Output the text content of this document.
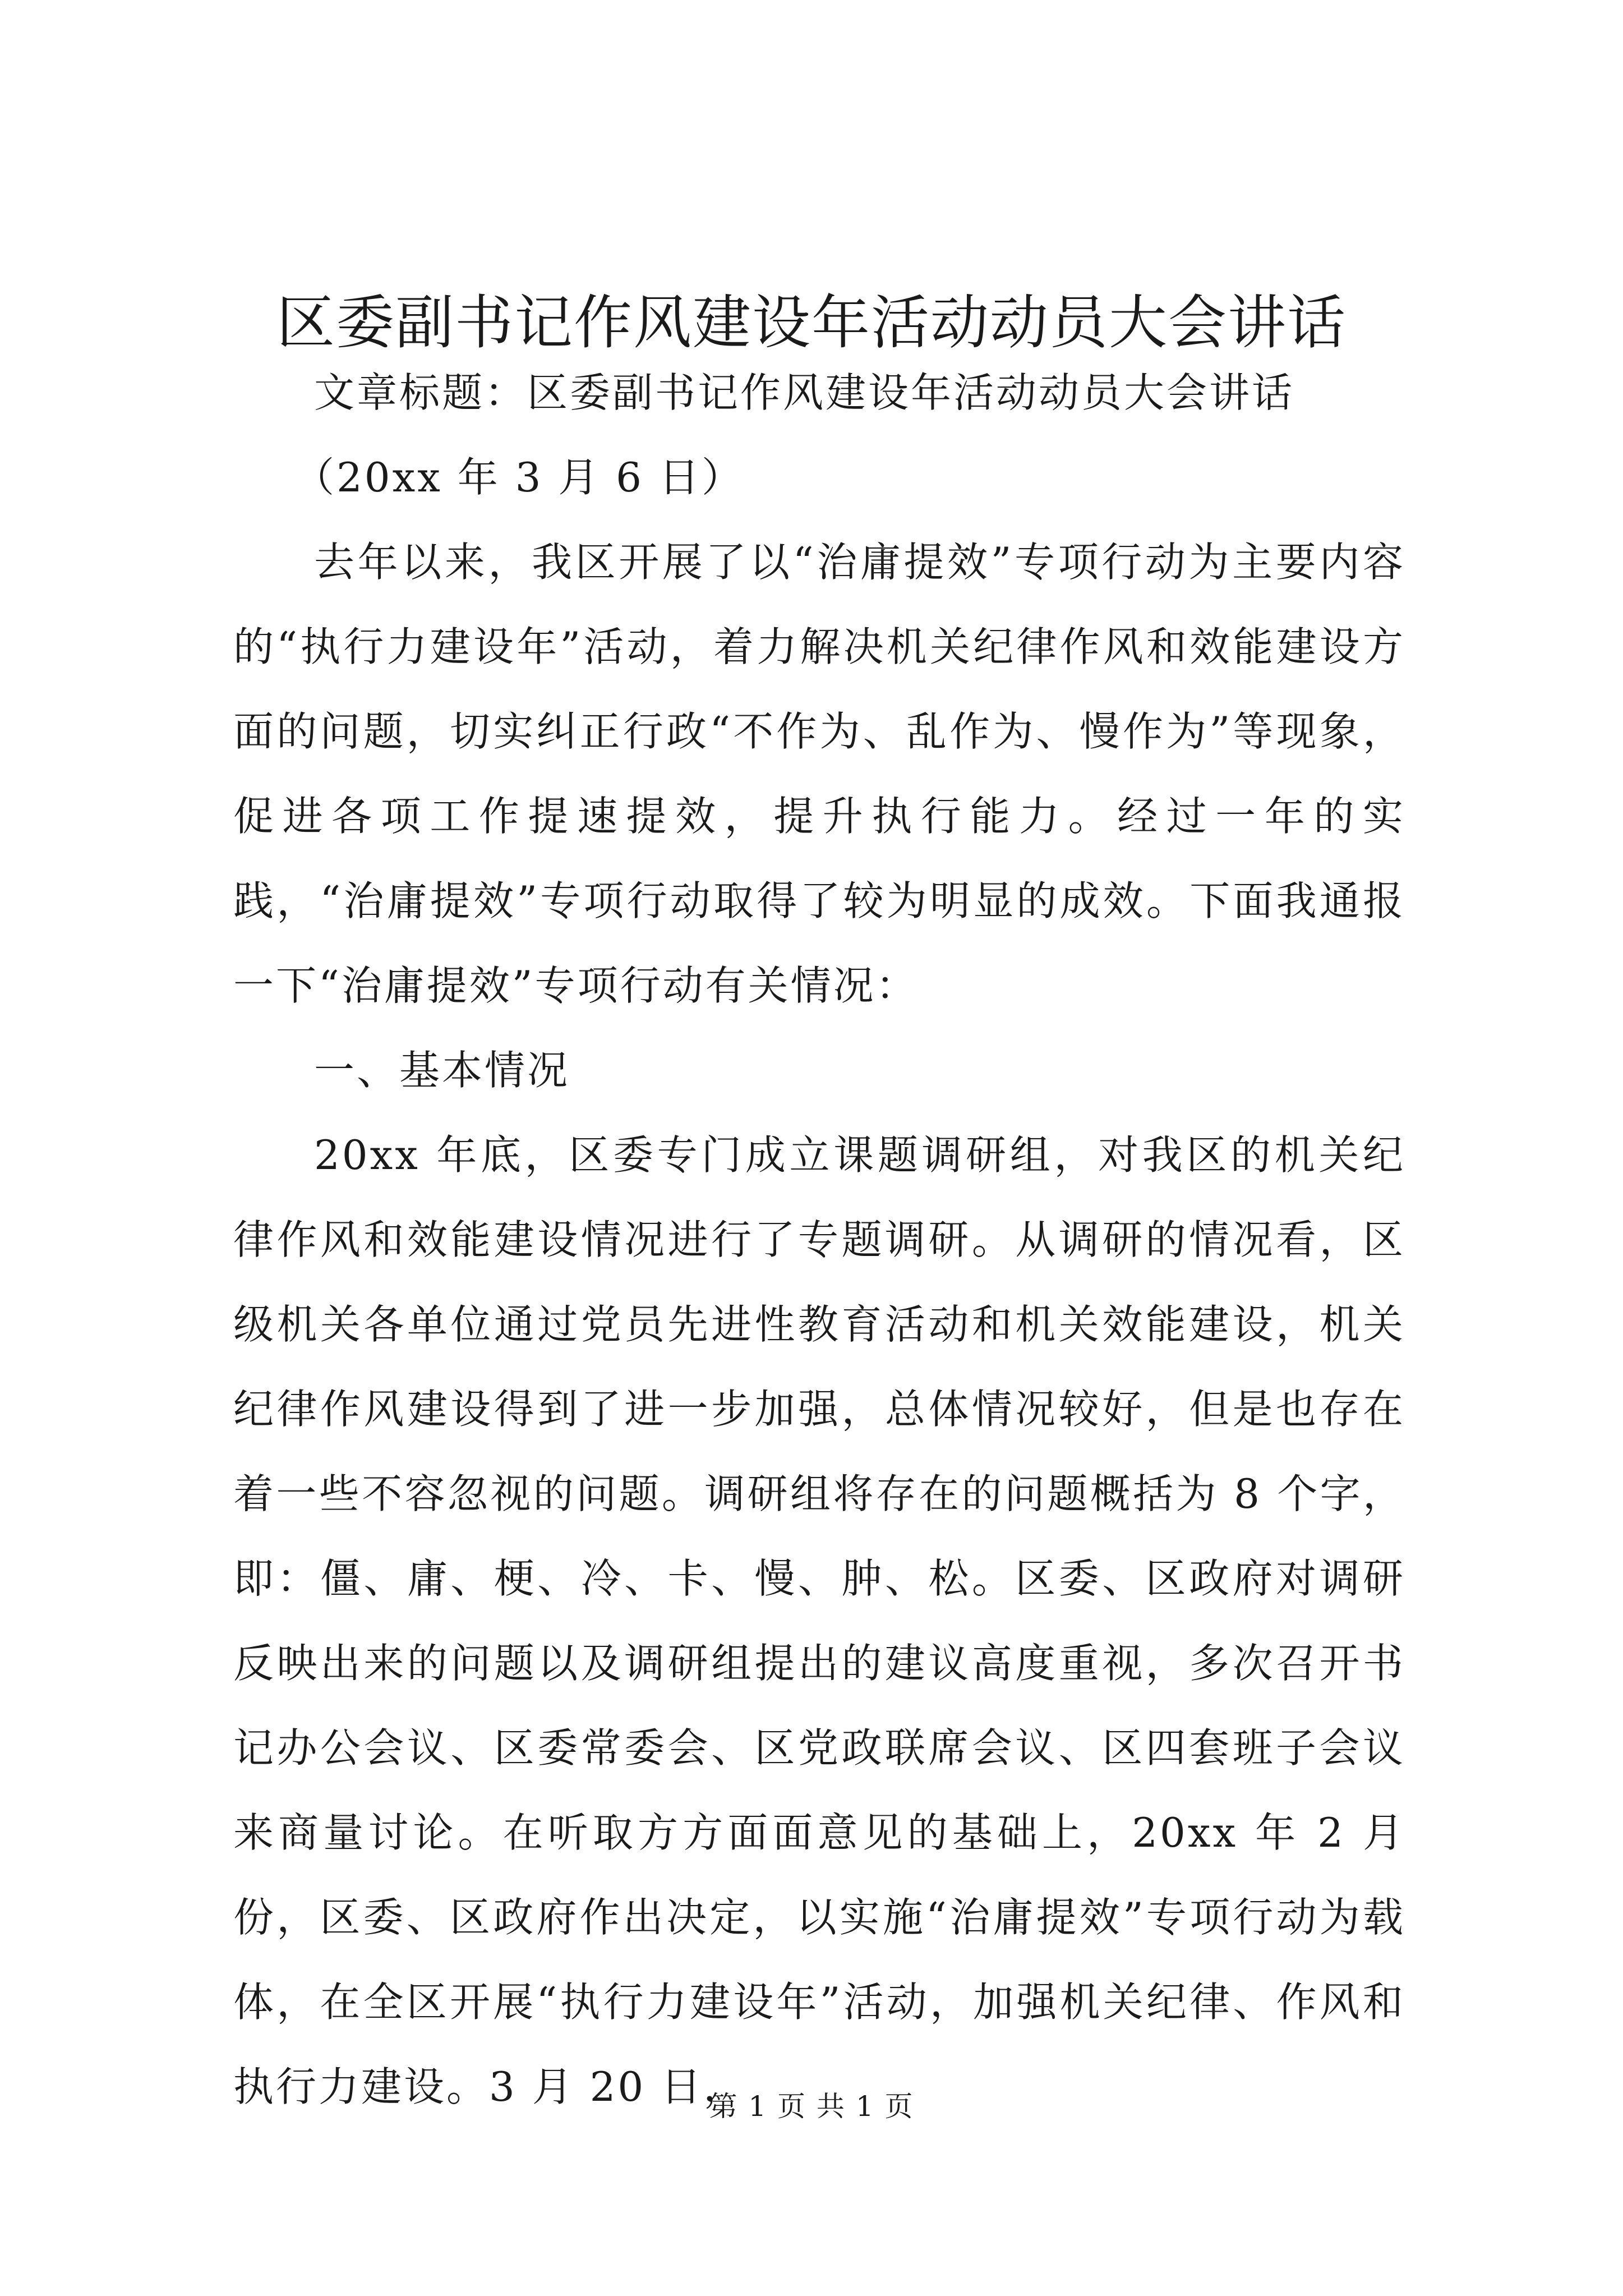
区委副书记作风建设年活动动员大会讲话

文章标题：区委副书记作风建设年活动动员大会讲话

（20xx 年 3 月 6 日）

去年以来，我区开展了以“治庸提效”专项行动为主要内容的“执行力建设年”活动，着力解决机关纪律作风和效能建设方面的问题，切实纠正行政“不作为、乱作为、慢作为”等现象，促进各项工作提速提效，提升执行能力。经过一年的实践，“治庸提效”专项行动取得了较为明显的成效。下面我通报一下“治庸提效”专项行动有关情况：

一、基本情况

20xx 年底，区委专门成立课题调研组，对我区的机关纪律作风和效能建设情况进行了专题调研。从调研的情况看，区级机关各单位通过党员先进性教育活动和机关效能建设，机关纪律作风建设得到了进一步加强，总体情况较好，但是也存在着一些不容忽视的问题。调研组将存在的问题概括为 8 个字，即：僵、庸、梗、冷、卡、慢、肿、松。区委、区政府对调研反映出来的问题以及调研组提出的建议高度重视，多次召开书记办公会议、区委常委会、区党政联席会议、区四套班子会议来商量讨论。在听取方方面面意见的基础上，20xx 年 2 月份，区委、区政府作出决定，以实施“治庸提效”专项行动为载体，在全区开展“执行力建设年”活动，加强机关纪律、作风和执行力建设。3 月 20 日，

第 1 页 共 1 页
